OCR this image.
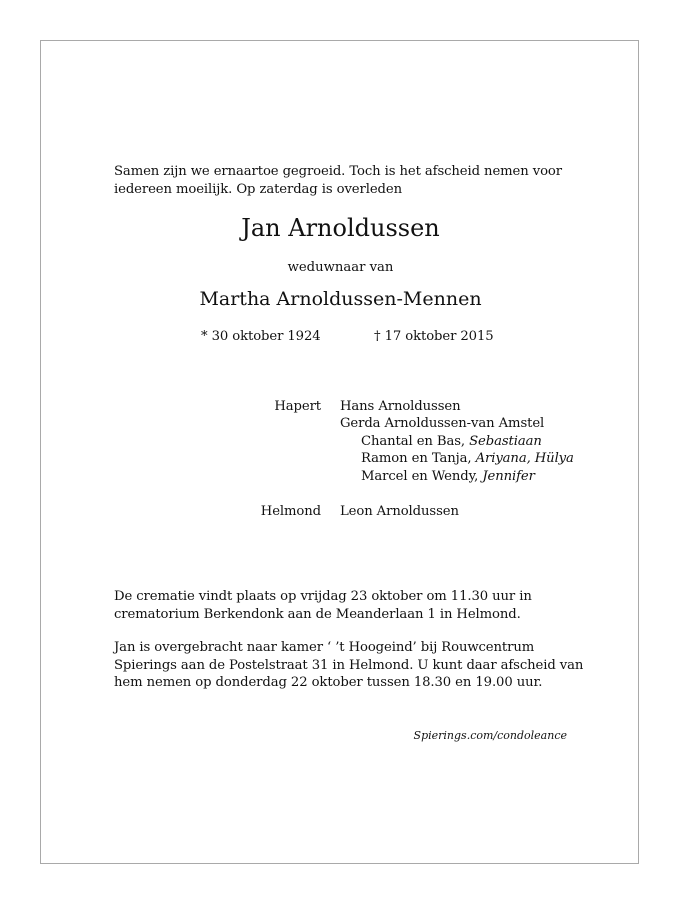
Samen zijn we ernaartoe gegroeid. Toch is het afscheid nemen voor
iedereen moeilijk. Op zaterdag is overleden
Jan Arnoldussen
weduwnaar van
Martha Arnoldussen-Mennen
* 30 oktober 1924	† 17 oktober 2015
Hapert Hans Arnoldussen
Gerda Arnoldussen-van Amstel
Chantal en Bas, Sebastiaan
Ramon en Tanja, Ariyana, Hülya
Marcel en Wendy, Jennifer
Helmond Leon Arnoldussen
De crematie vindt plaats op vrijdag 23 oktober om 11.30 uur in
crematorium Berkendonk aan de Meanderlaan 1 in Helmond.
Jan is overgebracht naar kamer ‘ ’t Hoogeind’ bij Rouwcentrum
Spierings aan de Postelstraat 31 in Helmond. U kunt daar afscheid van
hem nemen op donderdag 22 oktober tussen 18.30 en 19.00 uur.
Spierings.com/condoleance
